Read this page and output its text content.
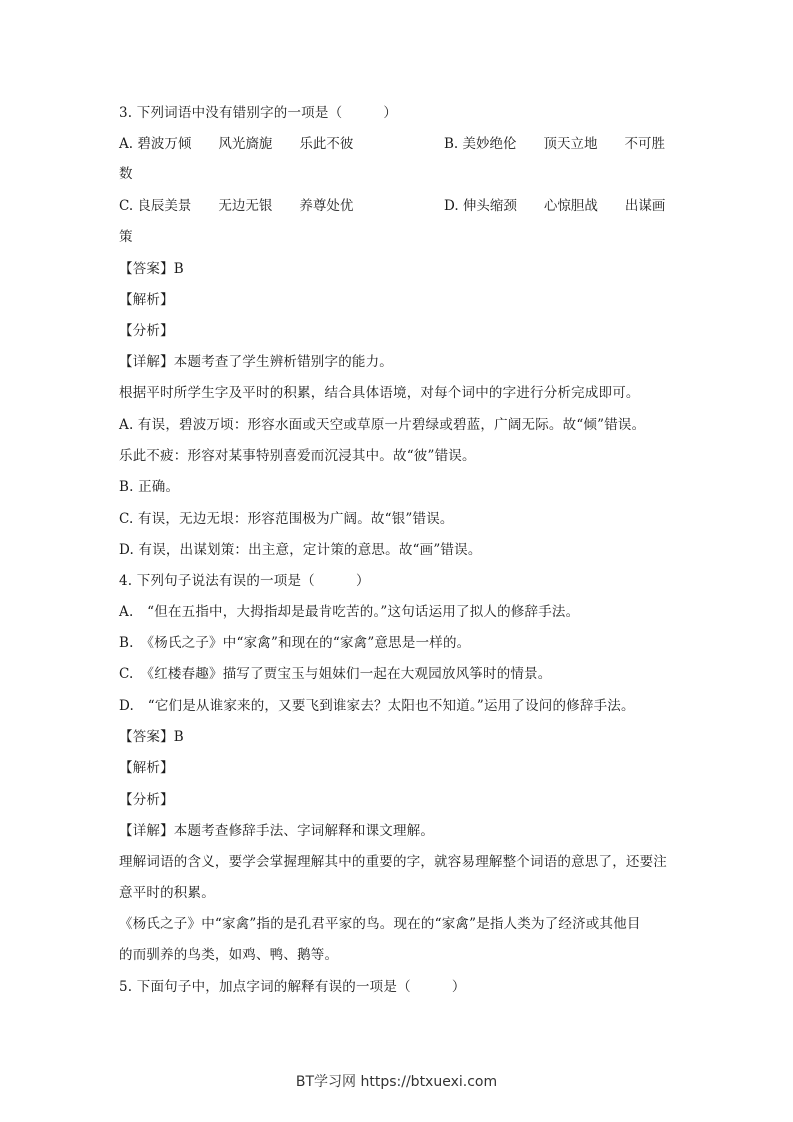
3. 下列词语中没有错别字的一项是（　　　）
A. 碧波万倾　　风光旖旎　　乐此不彼	B. 美妙绝伦　　顶天立地　　不可胜
数
C. 良辰美景　　无边无银　　养尊处优	D. 伸头缩颈　　心惊胆战　　出谋画
策
【答案】B
【解析】
【分析】
【详解】本题考查了学生辨析错别字的能力。
根据平时所学生字及平时的积累，结合具体语境，对每个词中的字进行分析完成即可。
A. 有误，碧波万顷：形容水面或天空或草原一片碧绿或碧蓝，广阔无际。故“倾”错误。
乐此不疲：形容对某事特别喜爱而沉浸其中。故“彼”错误。
B. 正确。
C. 有误，无边无垠：形容范围极为广阔。故“银”错误。
D. 有误，出谋划策：出主意，定计策的意思。故“画”错误。
4. 下列句子说法有误的一项是（　　　）
A.　“但在五指中，大拇指却是最肯吃苦的。”这句话运用了拟人的修辞手法。
B.　《杨氏之子》中“家禽”和现在的“家禽”意思是一样的。
C.　《红楼春趣》描写了贾宝玉与姐妹们一起在大观园放风筝时的情景。
D.　“它们是从谁家来的，又要飞到谁家去？太阳也不知道。”运用了设问的修辞手法。
【答案】B
【解析】
【分析】
【详解】本题考查修辞手法、字词解释和课文理解。
理解词语的含义，要学会掌握理解其中的重要的字，就容易理解整个词语的意思了，还要注
意平时的积累。
《杨氏之子》中“家禽”指的是孔君平家的鸟。现在的“家禽”是指人类为了经济或其他目
的而驯养的鸟类，如鸡、鸭、鹅等。
5. 下面句子中，加点字词的解释有误的一项是（　　　）
BT学习网 https://btxuexi.com
